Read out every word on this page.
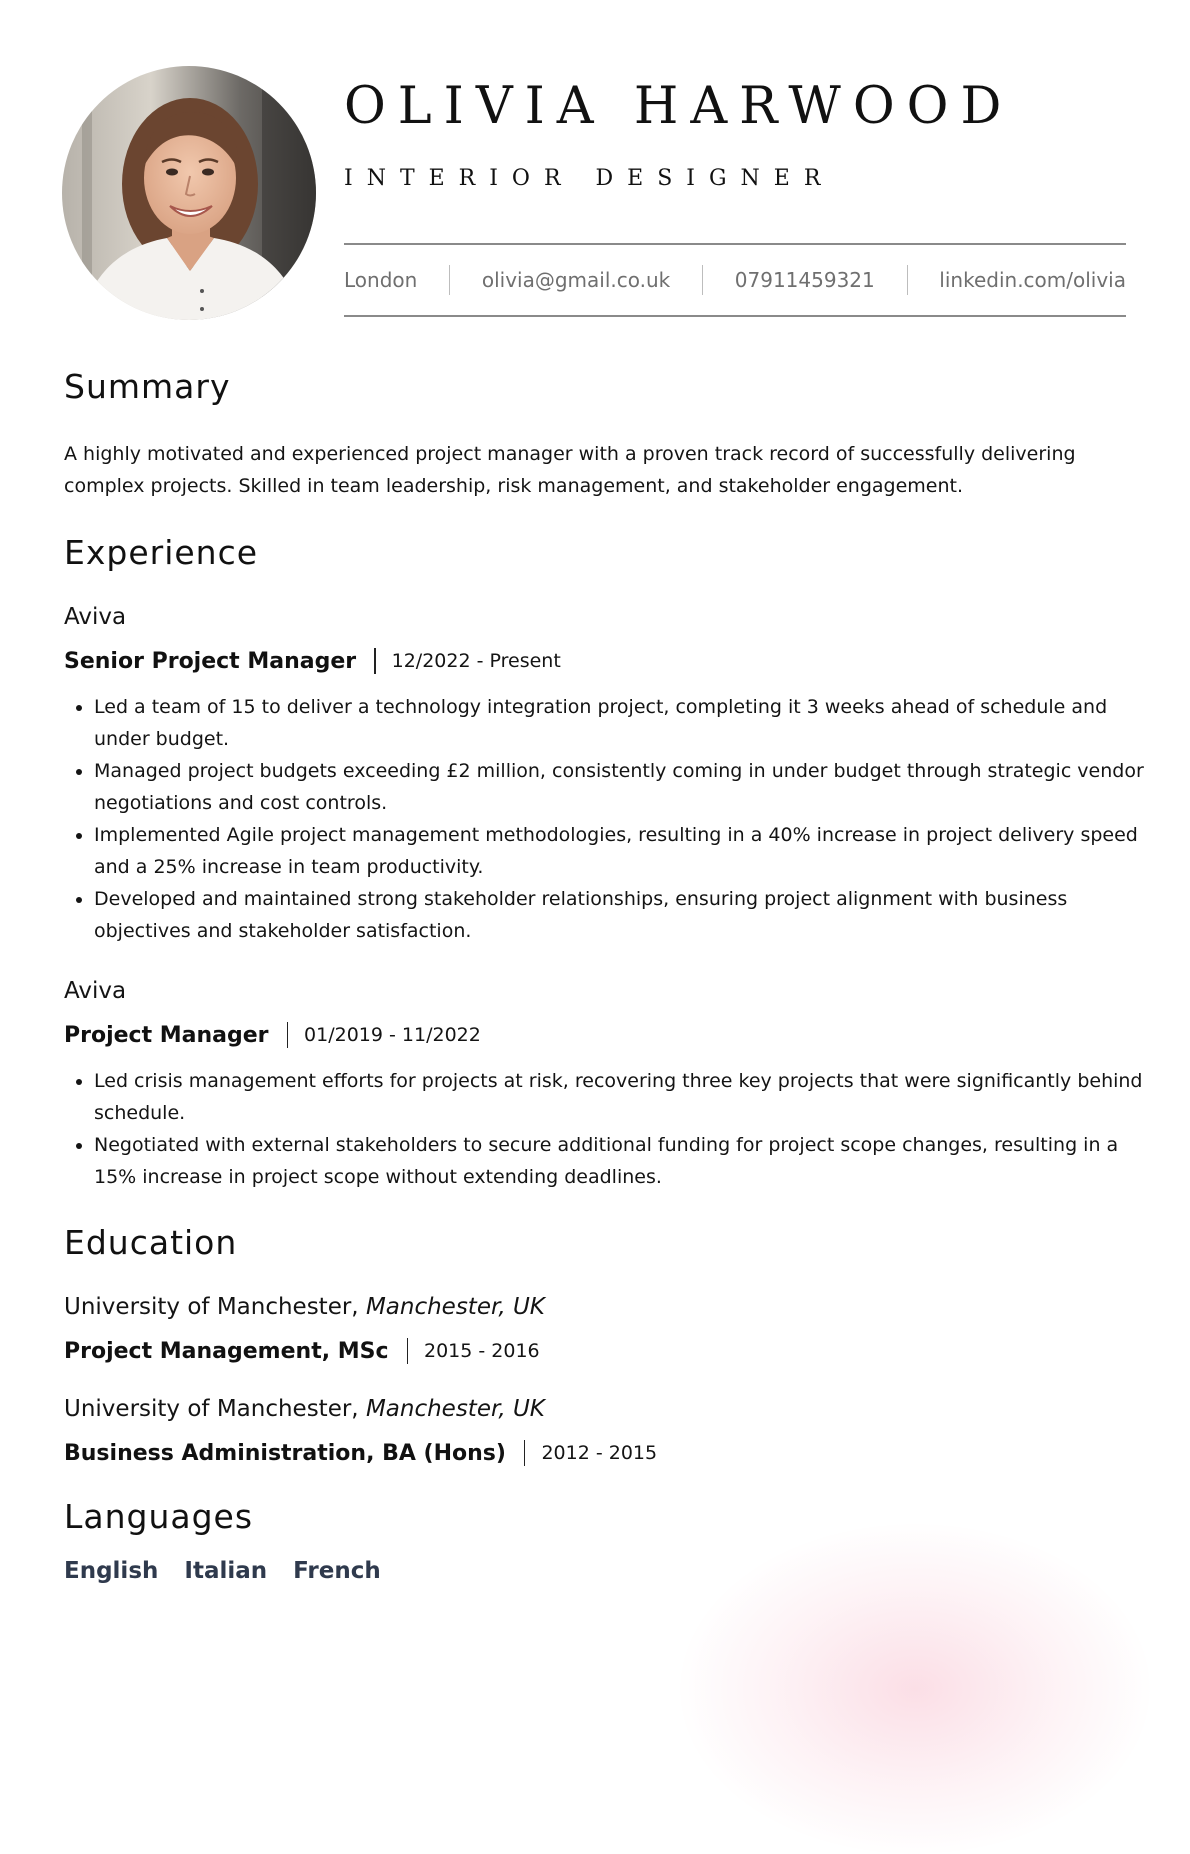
OLIVIA HARWOOD
INTERIOR DESIGNER
London	olivia@gmail.co.uk	07911459321	linkedin.com/olivia
Summary

A highly motivated and experienced project manager with a proven track record of successfully delivering complex projects. Skilled in team leadership, risk management, and stakeholder engagement.

Experience
Aviva
Senior Project Manager 12/2022 - Present
• Led a team of 15 to deliver a technology integration project, completing it 3 weeks ahead of schedule and under budget.
• Managed project budgets exceeding £2 million, consistently coming in under budget through strategic vendor negotiations and cost controls.
• Implemented Agile project management methodologies, resulting in a 40% increase in project delivery speed and a 25% increase in team productivity.
• Developed and maintained strong stakeholder relationships, ensuring project alignment with business objectives and stakeholder satisfaction.
Aviva
Project Manager 01/2019 - 11/2022
• Led crisis management efforts for projects at risk, recovering three key projects that were significantly behind schedule.
• Negotiated with external stakeholders to secure additional funding for project scope changes, resulting in a 15% increase in project scope without extending deadlines.
Education
University of Manchester, Manchester, UK
Project Management, MSc 2015 - 2016
University of Manchester, Manchester, UK
Business Administration, BA (Hons) 2012 - 2015
Languages
English Italian French
